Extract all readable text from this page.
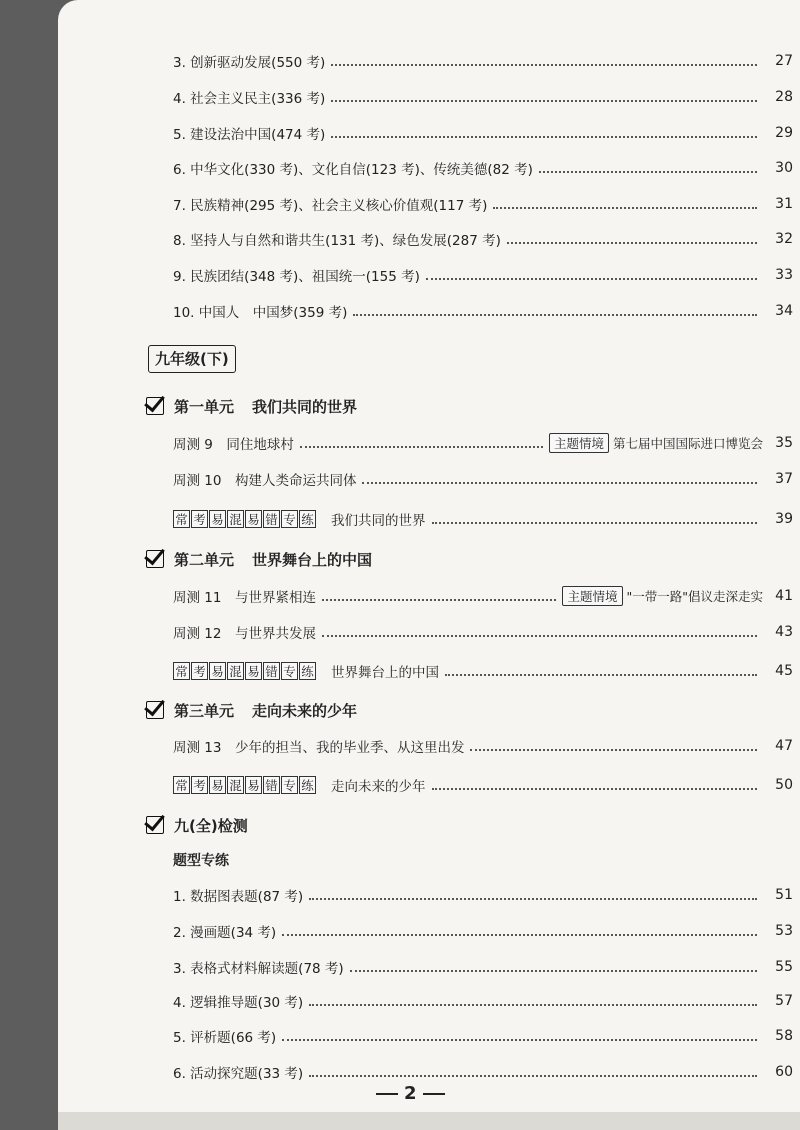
3. 创新驱动发展(550 考)	27
4. 社会主义民主(336 考)	28
5. 建设法治中国(474 考)	29
6. 中华文化(330 考)、文化自信(123 考)、传统美德(82 考)	30
7. 民族精神(295 考)、社会主义核心价值观(117 考)	31
8. 坚持人与自然和谐共生(131 考)、绿色发展(287 考)	32
9. 民族团结(348 考)、祖国统一(155 考)	33
10. 中国人　中国梦(359 考)	34
九年级(下)
第一单元 我们共同的世界
周测 9　同住地球村	主题情境 第七届中国国际进口博览会 35
周测 10　构建人类命运共同体	37
常 考 易 混 易 错 专 练 我们共同的世界	39
第二单元 世界舞台上的中国
周测 11　与世界紧相连	主题情境 "一带一路"倡议走深走实 41
周测 12　与世界共发展	43
常 考 易 混 易 错 专 练 世界舞台上的中国	45
第三单元 走向未来的少年
周测 13　少年的担当、我的毕业季、从这里出发	47
常 考 易 混 易 错 专 练 走向未来的少年	50
九(全)检测
题型专练
1. 数据图表题(87 考)	51
2. 漫画题(34 考)	53
3. 表格式材料解读题(78 考)	55
4. 逻辑推导题(30 考)	57
5. 评析题(66 考)	58
6. 活动探究题(33 考)	60
2
